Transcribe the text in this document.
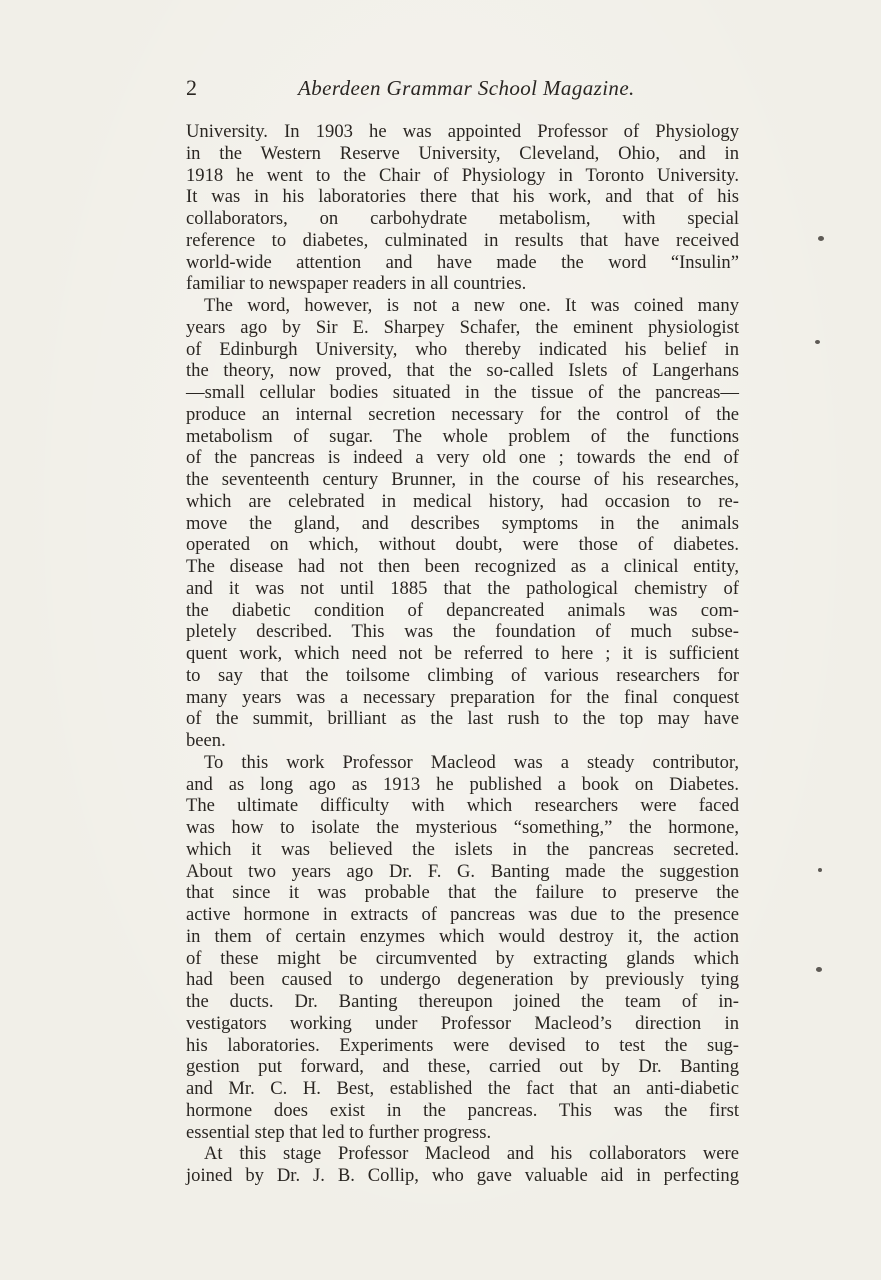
2	Aberdeen Grammar School Magazine.
University. In 1903 he was appointed Professor of Physiology
in the Western Reserve University, Cleveland, Ohio, and in
1918 he went to the Chair of Physiology in Toronto University.
It was in his laboratories there that his work, and that of his
collaborators, on carbohydrate metabolism, with special
reference to diabetes, culminated in results that have received
world-wide attention and have made the word “Insulin”
familiar to newspaper readers in all countries.
The word, however, is not a new one. It was coined many
years ago by Sir E. Sharpey Schafer, the eminent physiologist
of Edinburgh University, who thereby indicated his belief in
the theory, now proved, that the so-called Islets of Langerhans
—small cellular bodies situated in the tissue of the pancreas—
produce an internal secretion necessary for the control of the
metabolism of sugar. The whole problem of the functions
of the pancreas is indeed a very old one ; towards the end of
the seventeenth century Brunner, in the course of his researches,
which are celebrated in medical history, had occasion to re-
move the gland, and describes symptoms in the animals
operated on which, without doubt, were those of diabetes.
The disease had not then been recognized as a clinical entity,
and it was not until 1885 that the pathological chemistry of
the diabetic condition of depancreated animals was com-
pletely described. This was the foundation of much subse-
quent work, which need not be referred to here ; it is sufficient
to say that the toilsome climbing of various researchers for
many years was a necessary preparation for the final conquest
of the summit, brilliant as the last rush to the top may have
been.
To this work Professor Macleod was a steady contributor,
and as long ago as 1913 he published a book on Diabetes.
The ultimate difficulty with which researchers were faced
was how to isolate the mysterious “something,” the hormone,
which it was believed the islets in the pancreas secreted.
About two years ago Dr. F. G. Banting made the suggestion
that since it was probable that the failure to preserve the
active hormone in extracts of pancreas was due to the presence
in them of certain enzymes which would destroy it, the action
of these might be circumvented by extracting glands which
had been caused to undergo degeneration by previously tying
the ducts. Dr. Banting thereupon joined the team of in-
vestigators working under Professor Macleod’s direction in
his laboratories. Experiments were devised to test the sug-
gestion put forward, and these, carried out by Dr. Banting
and Mr. C. H. Best, established the fact that an anti-diabetic
hormone does exist in the pancreas. This was the first
essential step that led to further progress.
At this stage Professor Macleod and his collaborators were
joined by Dr. J. B. Collip, who gave valuable aid in perfecting
